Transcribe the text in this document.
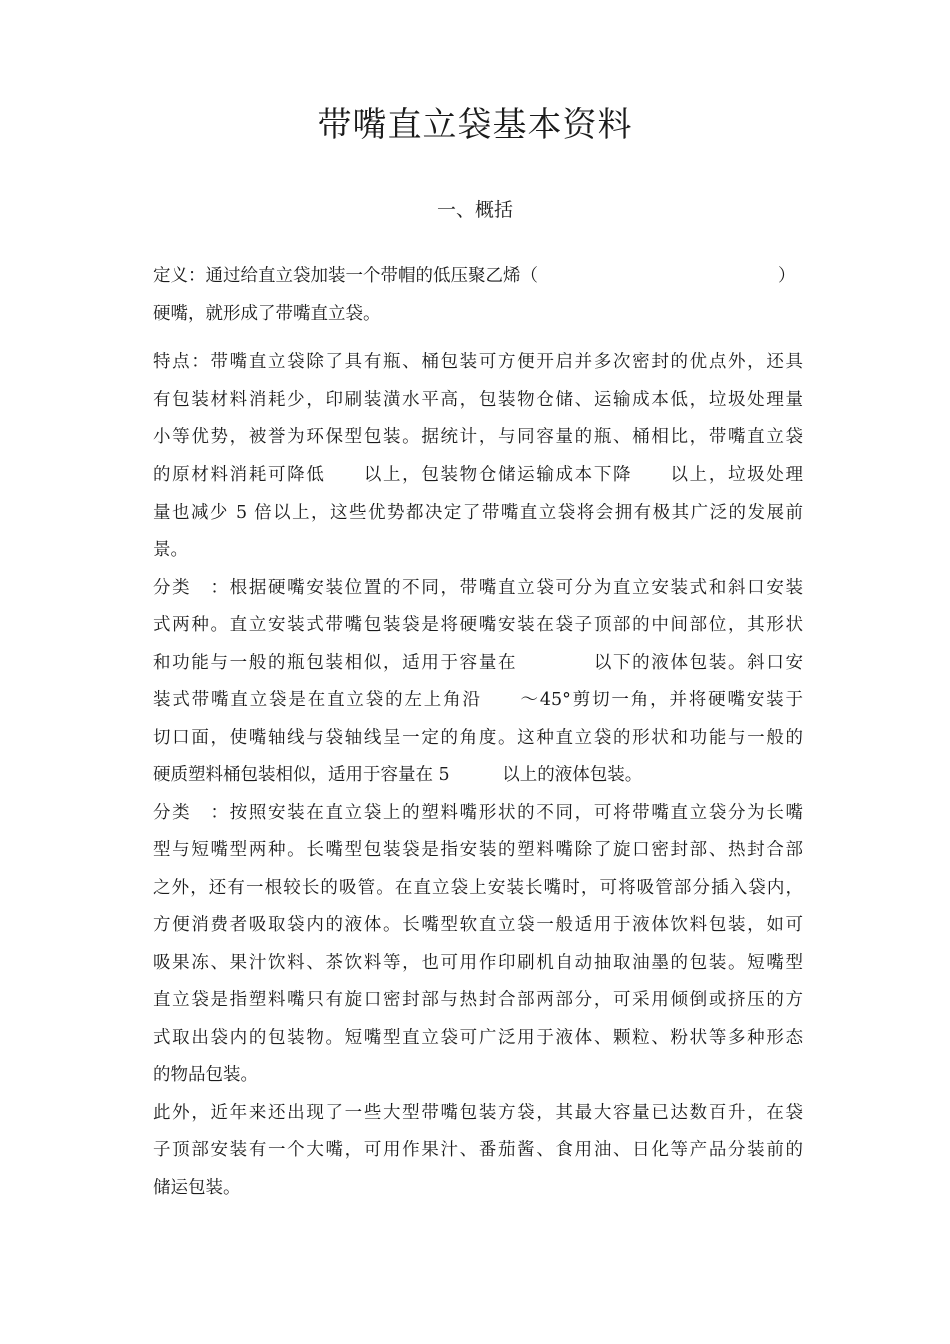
带嘴直立袋基本资料
一、概括
定义：通过给直立袋加装一个带帽的低压聚乙烯（	）
硬嘴，就形成了带嘴直立袋。
特点：带嘴直立袋除了具有瓶、桶包装可方便开启并多次密封的优点外，还具
有包装材料消耗少，印刷装潢水平高，包装物仓储、运输成本低，垃圾处理量
小等优势，被誉为环保型包装。据统计，与同容量的瓶、桶相比，带嘴直立袋
的原材料消耗可降低　　以上，包装物仓储运输成本下降　　以上，垃圾处理
量也减少 5 倍以上，这些优势都决定了带嘴直立袋将会拥有极其广泛的发展前
景。
分类　：根据硬嘴安装位置的不同，带嘴直立袋可分为直立安装式和斜口安装
式两种。直立安装式带嘴包装袋是将硬嘴安装在袋子顶部的中间部位，其形状
和功能与一般的瓶包装相似，适用于容量在　　　　以下的液体包装。斜口安
装式带嘴直立袋是在直立袋的左上角沿　　～45°剪切一角，并将硬嘴安装于
切口面，使嘴轴线与袋轴线呈一定的角度。这种直立袋的形状和功能与一般的
硬质塑料桶包装相似，适用于容量在 5　　　以上的液体包装。
分类　：按照安装在直立袋上的塑料嘴形状的不同，可将带嘴直立袋分为长嘴
型与短嘴型两种。长嘴型包装袋是指安装的塑料嘴除了旋口密封部、热封合部
之外，还有一根较长的吸管。在直立袋上安装长嘴时，可将吸管部分插入袋内，
方便消费者吸取袋内的液体。长嘴型软直立袋一般适用于液体饮料包装，如可
吸果冻、果汁饮料、茶饮料等，也可用作印刷机自动抽取油墨的包装。短嘴型
直立袋是指塑料嘴只有旋口密封部与热封合部两部分，可采用倾倒或挤压的方
式取出袋内的包装物。短嘴型直立袋可广泛用于液体、颗粒、粉状等多种形态
的物品包装。
此外，近年来还出现了一些大型带嘴包装方袋，其最大容量已达数百升，在袋
子顶部安装有一个大嘴，可用作果汁、番茄酱、食用油、日化等产品分装前的
储运包装。
